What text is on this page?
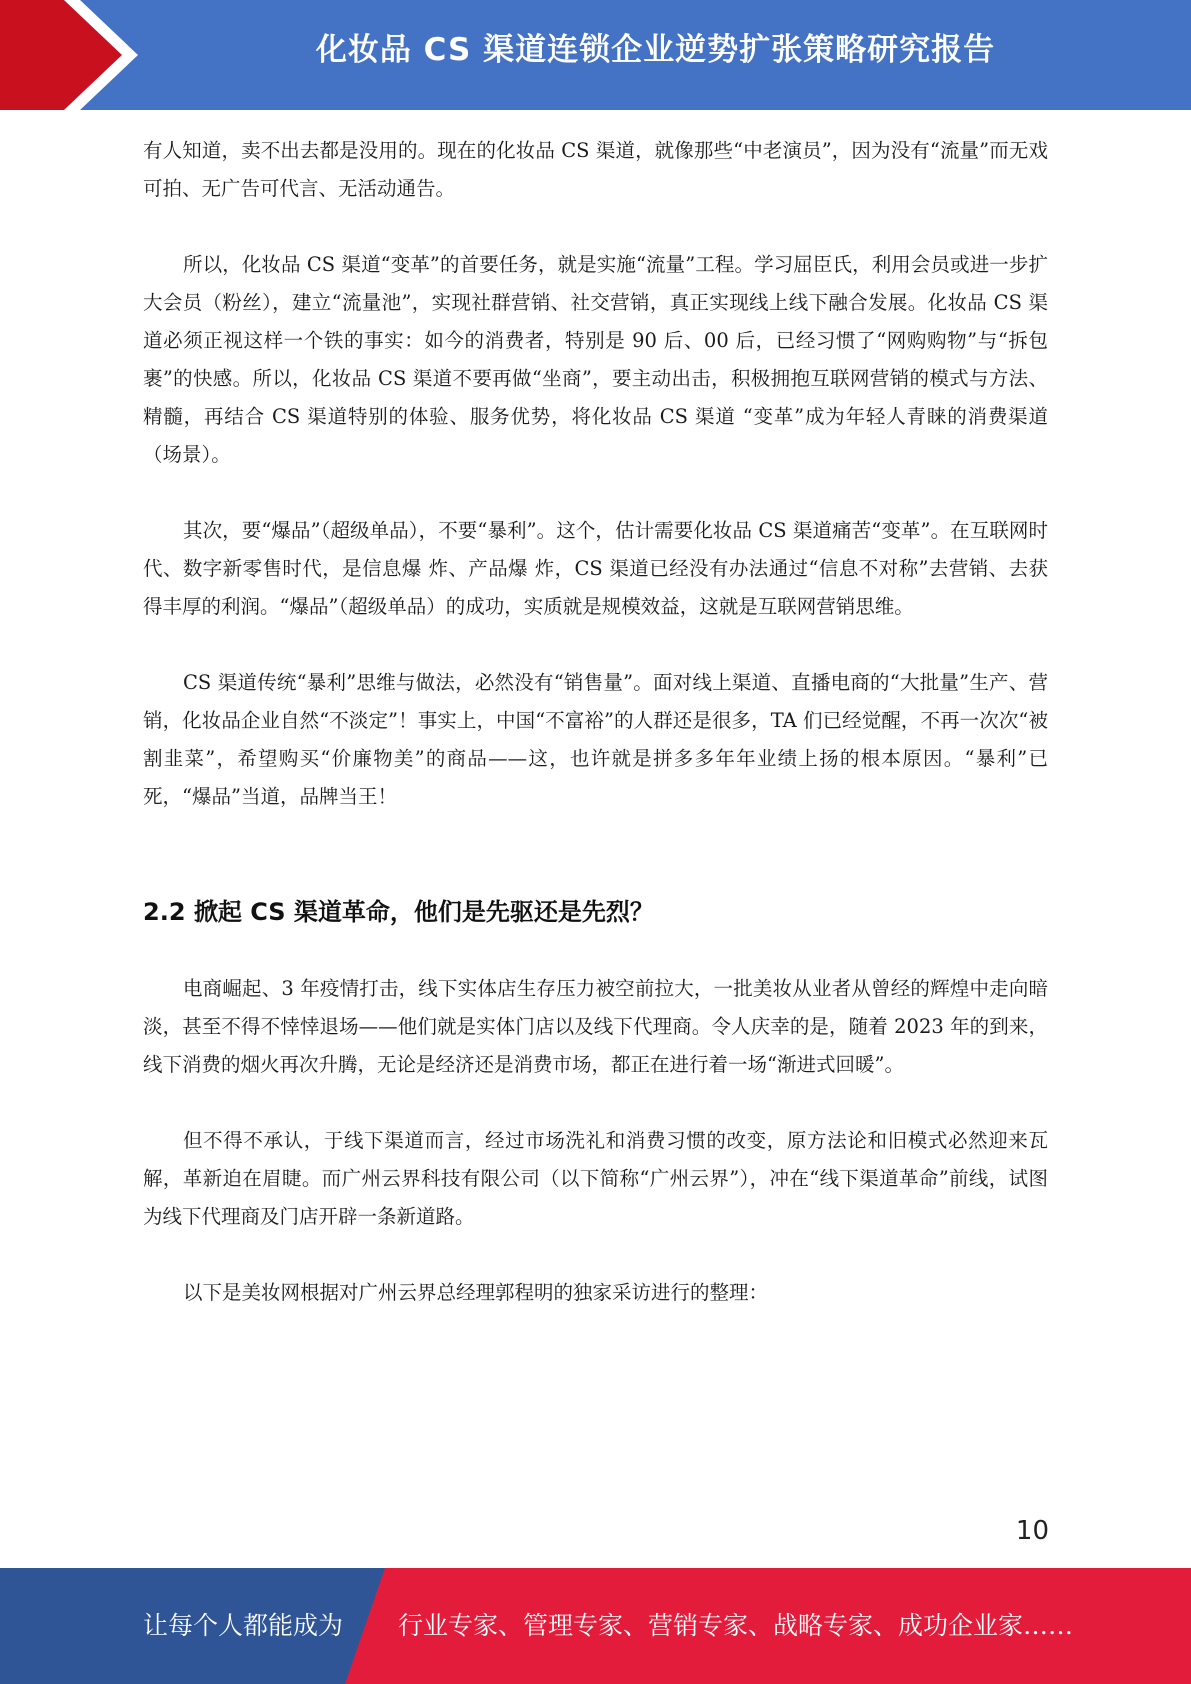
化妆品 CS 渠道连锁企业逆势扩张策略研究报告

有人知道，卖不出去都是没用的。现在的化妆品 CS 渠道，就像那些“中老演员”，因为没有“流量”而无戏可拍、无广告可代言、无活动通告。

所以，化妆品 CS 渠道“变革”的首要任务，就是实施“流量”工程。学习屈臣氏，利用会员或进一步扩大会员（粉丝），建立“流量池”，实现社群营销、社交营销，真正实现线上线下融合发展。化妆品 CS 渠道必须正视这样一个铁的事实：如今的消费者，特别是 90 后、00 后，已经习惯了“网购购物”与“拆包裹”的快感。所以，化妆品 CS 渠道不要再做“坐商”，要主动出击，积极拥抱互联网营销的模式与方法、精髓，再结合 CS 渠道特别的体验、服务优势，将化妆品 CS 渠道 “变革”成为年轻人青睐的消费渠道（场景）。

其次，要“爆品”（超级单品），不要“暴利”。这个，估计需要化妆品 CS 渠道痛苦“变革”。在互联网时代、数字新零售时代，是信息爆 炸、产品爆 炸，CS 渠道已经没有办法通过“信息不对称”去营销、去获得丰厚的利润。“爆品”（超级单品）的成功，实质就是规模效益，这就是互联网营销思维。

CS 渠道传统“暴利”思维与做法，必然没有“销售量”。面对线上渠道、直播电商的“大批量”生产、营销，化妆品企业自然“不淡定”！事实上，中国“不富裕”的人群还是很多，TA 们已经觉醒，不再一次次“被割韭菜”，希望购买“价廉物美”的商品——这，也许就是拼多多年年业绩上扬的根本原因。“暴利”已死，“爆品”当道，品牌当王！

2.2 掀起 CS 渠道革命，他们是先驱还是先烈？

电商崛起、3 年疫情打击，线下实体店生存压力被空前拉大，一批美妆从业者从曾经的辉煌中走向暗淡，甚至不得不悻悻退场——他们就是实体门店以及线下代理商。令人庆幸的是，随着 2023 年的到来，线下消费的烟火再次升腾，无论是经济还是消费市场，都正在进行着一场“渐进式回暖”。

但不得不承认，于线下渠道而言，经过市场洗礼和消费习惯的改变，原方法论和旧模式必然迎来瓦解，革新迫在眉睫。而广州云界科技有限公司（以下简称“广州云界”），冲在“线下渠道革命”前线，试图为线下代理商及门店开辟一条新道路。

以下是美妆网根据对广州云界总经理郭程明的独家采访进行的整理：

10
让每个人都能成为 行业专家、管理专家、营销专家、战略专家、成功企业家……
